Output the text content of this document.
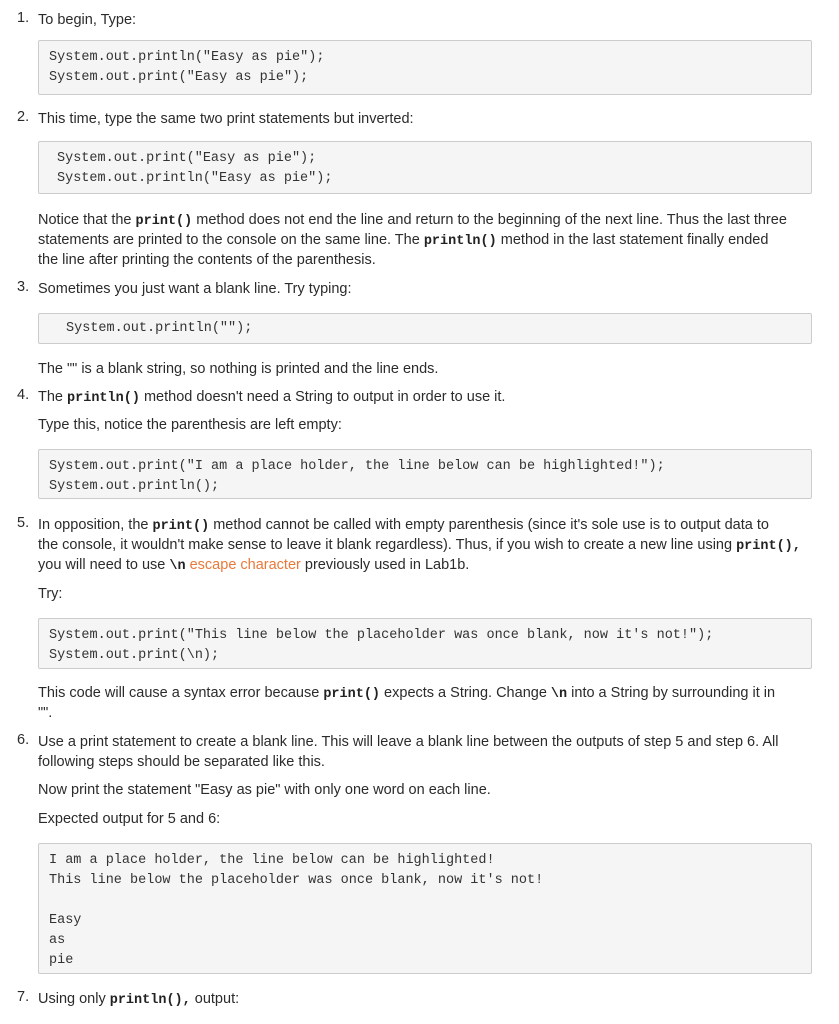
1. To begin, Type:
System.out.println("Easy as pie");
System.out.print("Easy as pie");
2. This time, type the same two print statements but inverted:
System.out.print("Easy as pie");
System.out.println("Easy as pie");
Notice that the print() method does not end the line and return to the beginning of the next line. Thus the last three
statements are printed to the console on the same line. The println() method in the last statement finally ended
the line after printing the contents of the parenthesis.
3. Sometimes you just want a blank line. Try typing:
System.out.println("");
The "" is a blank string, so nothing is printed and the line ends.
4. The println() method doesn't need a String to output in order to use it.
Type this, notice the parenthesis are left empty:
System.out.print("I am a place holder, the line below can be highlighted!");
System.out.println();
5. In opposition, the print() method cannot be called with empty parenthesis (since it's sole use is to output data to
the console, it wouldn't make sense to leave it blank regardless). Thus, if you wish to create a new line using print(),
you will need to use \n escape character previously used in Lab1b.
Try:
System.out.print("This line below the placeholder was once blank, now it's not!");
System.out.print(\n);
This code will cause a syntax error because print() expects a String. Change \n into a String by surrounding it in
"".
6. Use a print statement to create a blank line. This will leave a blank line between the outputs of step 5 and step 6. All
following steps should be separated like this.
Now print the statement "Easy as pie" with only one word on each line.
Expected output for 5 and 6:
I am a place holder, the line below can be highlighted!
This line below the placeholder was once blank, now it's not!
Easy
as
pie
7. Using only println(), output:
